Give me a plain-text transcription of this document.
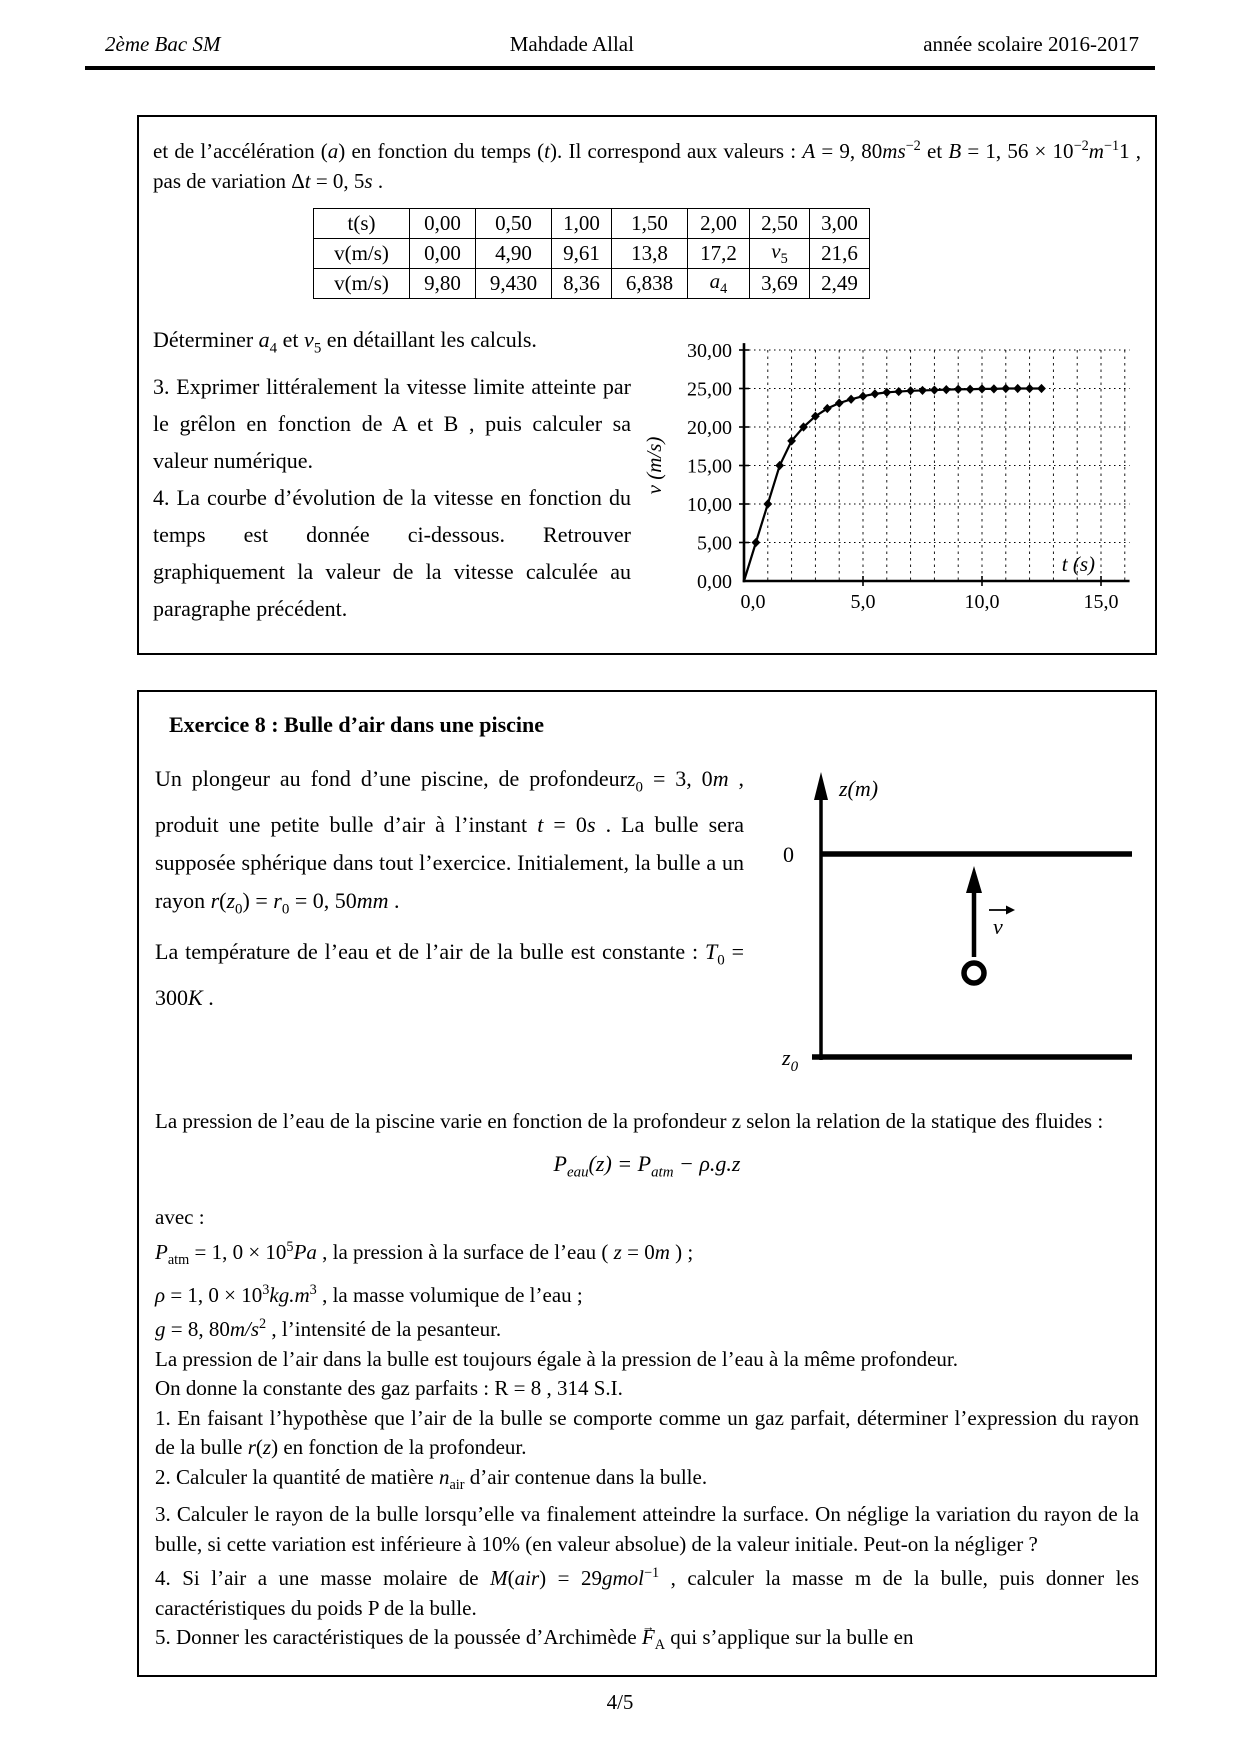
2ème Bac SM	Mahdade Allal	année scolaire 2016-2017

et de l’accélération (a) en fonction du temps (t). Il correspond aux valeurs : A = 9, $80ms^{-2}$ et B = 1, $56 \times 10^{-2}m^{-1}1$ , pas de variation Δt = 0, 5s .

t(s)	0,00	0,50	1,00	1,50	2,00	2,50	3,00
v(m/s)	0,00	4,90	9,61	13,8	17,2	$v_5$	21,6
v(m/s)	9,80	9,430	8,36	6,838	$a_4$	3,69	2,49

Déterminer $a_4$ et $v_5$ en détaillant les calculs.

3. Exprimer littéralement la vitesse limite atteinte par le grêlon en fonction de A et B , puis calculer sa valeur numérique.

4. La courbe d’évolution de la vitesse en fonction du temps est donnée ci-dessous. Retrouver graphiquement la valeur de la vitesse calculée au paragraphe précédent.

0,00
5,00
10,00
15,00
20,00
25,00
30,00
0,0	5,0	10,0	15,0
v (m/s)
t (s)
Exercice 8 : Bulle d’air dans une piscine

Un plongeur au fond d’une piscine, de profondeurz$_0$ = 3, 0m , produit une petite bulle d’air à l’instant t = 0s . La bulle sera supposée sphérique dans tout l’exercice. Initialement, la bulle a un rayon $r(z_0) = r_0 = 0$, 50mm .

La température de l’eau et de l’air de la bulle est constante : $T_0 = 300K$ .

z(m)
0
$z_0$
v

La pression de l’eau de la piscine varie en fonction de la profondeur z selon la relation de la statique des fluides :

$P_{eau}(z) = P_{atm} - \rho.g.z$

avec :

$P_{atm} = 1$, $0 \times 10^5Pa$ , la pression à la surface de l’eau ( z = 0m ) ;

ρ = 1, $0 \times 10^3kg.m^3$ , la masse volumique de l’eau ;

g = 8, $80m/s^2$ , l’intensité de la pesanteur.

La pression de l’air dans la bulle est toujours égale à la pression de l’eau à la même profondeur.

On donne la constante des gaz parfaits : R = 8 , 314 S.I.

1. En faisant l’hypothèse que l’air de la bulle se comporte comme un gaz parfait, déterminer l’expression du rayon de la bulle r(z) en fonction de la profondeur.

2. Calculer la quantité de matière $n_{air}$ d’air contenue dans la bulle.

3. Calculer le rayon de la bulle lorsqu’elle va finalement atteindre la surface. On néglige la variation du rayon de la bulle, si cette variation est inférieure à 10% (en valeur absolue) de la valeur initiale. Peut-on la négliger ?

4. Si l’air a une masse molaire de M(air) = 29gmol$^{-1}$ , calculer la masse m de la bulle, puis donner les caractéristiques du poids P de la bulle.

5. Donner les caractéristiques de la poussée d’Archimède → $F_A$ qui s’applique sur la bulle en

4/5
